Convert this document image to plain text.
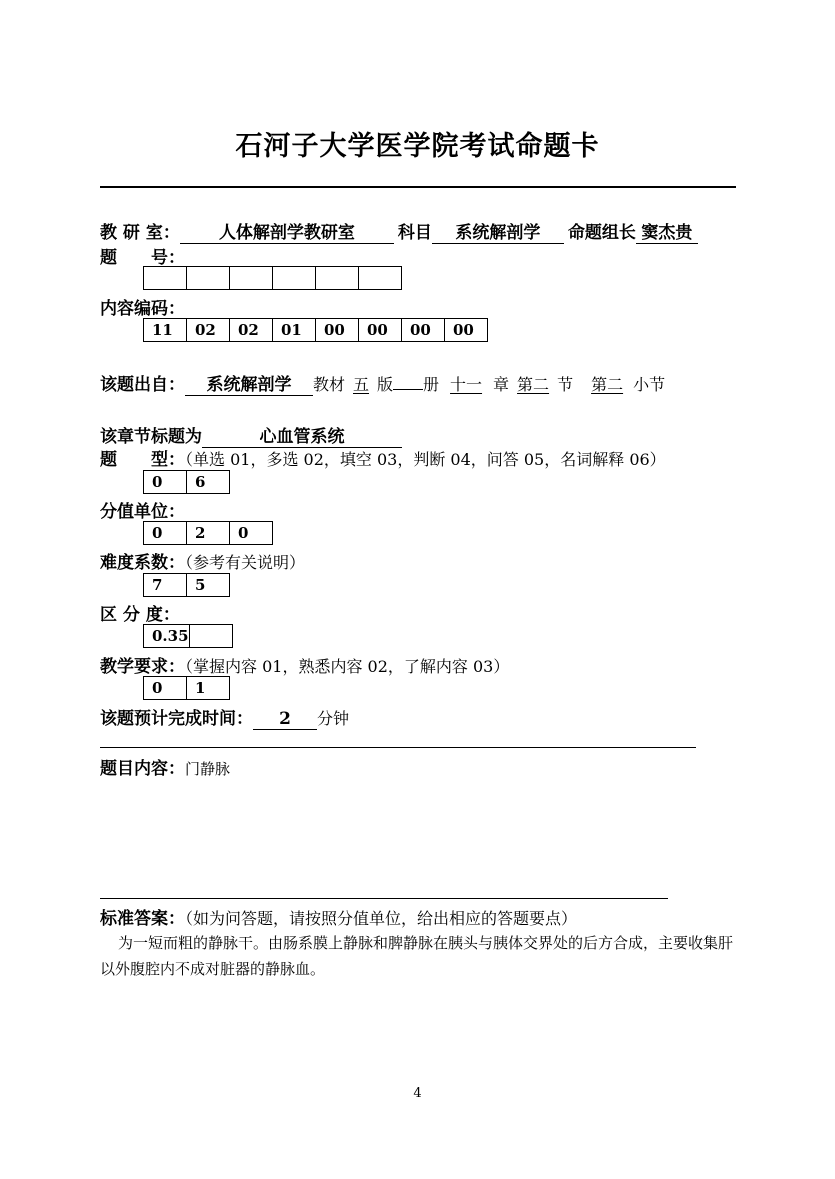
石河子大学医学院考试命题卡
教 研 室： 人体解剖学教研室	科目 系统解剖学 命题组长 窦杰贵
题　　号：

内容编码：
11	02	02	01	00	00	00	00
该题出自： 系统解剖学 教材 五 版 册 十一 章 第二 节 第二 小节
该章节标题为	心血管系统
题　　型：（单选 01，多选 02，填空 03，判断 04，问答 05，名词解释 06）
0	6
分值单位：
0	2	0
难度系数：（参考有关说明）
7	5
区 分 度：
0.35	
教学要求：（掌握内容 01，熟悉内容 02，了解内容 03）
0	1
该题预计完成时间： 2 分钟
题目内容：门静脉
标准答案：（如为问答题，请按照分值单位，给出相应的答题要点）
为一短而粗的静脉干。由肠系膜上静脉和脾静脉在胰头与胰体交界处的后方合成，主要收集肝以外腹腔内不成对脏器的静脉血。
4
